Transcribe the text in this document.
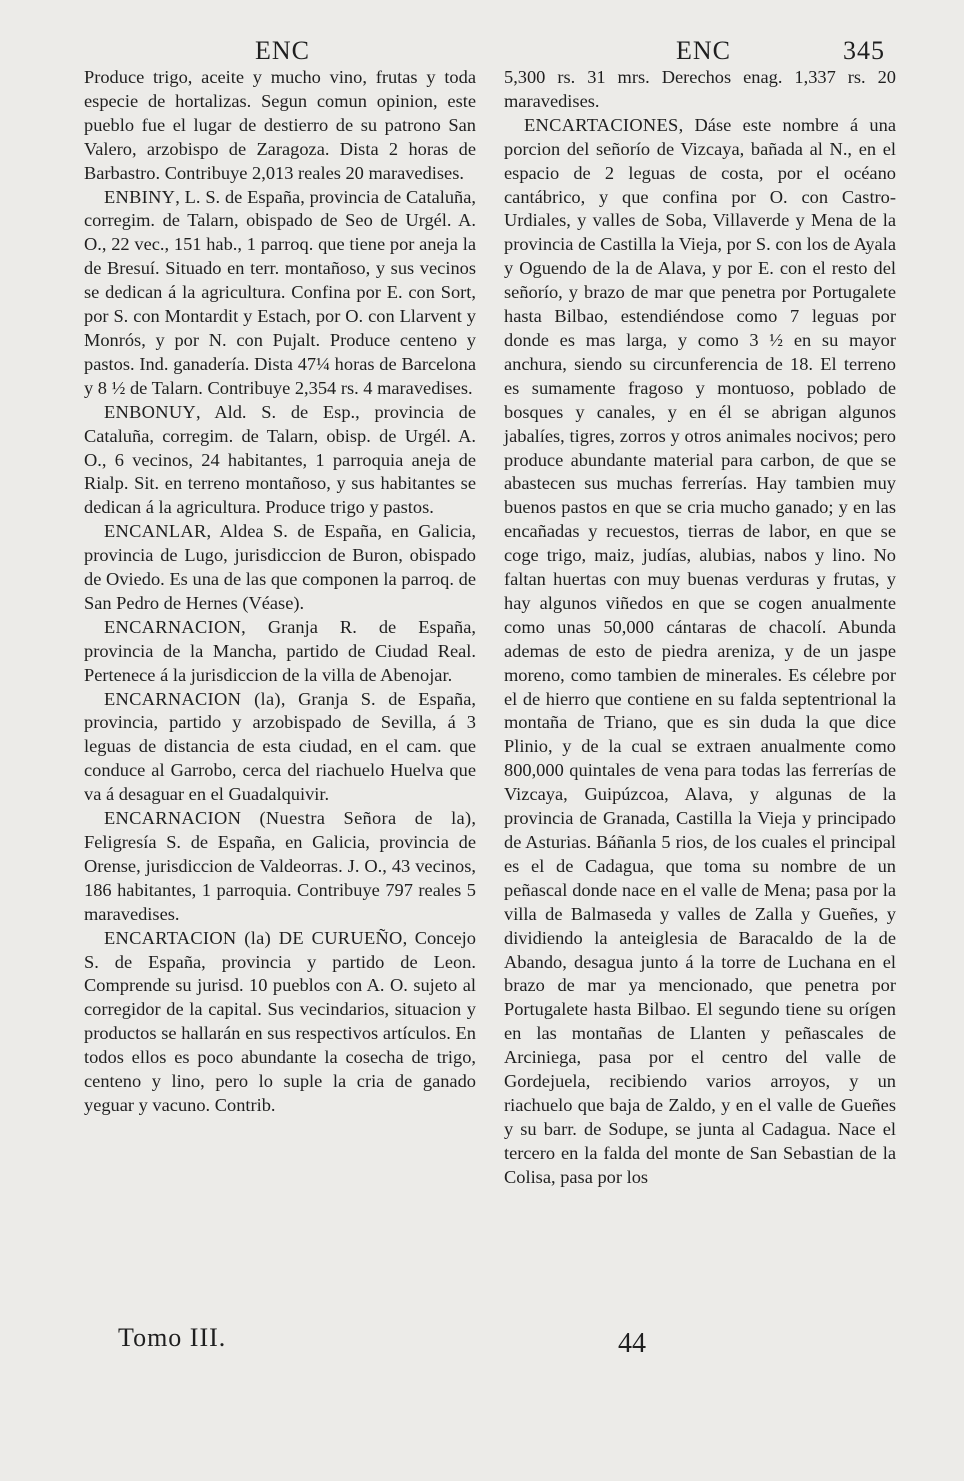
ENC	ENC	345

Produce trigo, aceite y mucho vino, frutas y toda especie de hortalizas. Segun comun opinion, este pueblo fue el lugar de destierro de su patrono San Valero, arzobispo de Zaragoza. Dista 2 horas de Barbastro. Contribuye 2,013 reales 20 maravedises.

ENBINY, L. S. de España, provincia de Cataluña, corregim. de Talarn, obispado de Seo de Urgél. A. O., 22 vec., 151 hab., 1 parroq. que tiene por aneja la de Bresuí. Situado en terr. montañoso, y sus vecinos se dedican á la agricultura. Confina por E. con Sort, por S. con Montardit y Estach, por O. con Llarvent y Monrós, y por N. con Pujalt. Produce centeno y pastos. Ind. ganadería. Dista 47¼ horas de Barcelona y 8 ½ de Talarn. Contribuye 2,354 rs. 4 maravedises.

ENBONUY, Ald. S. de Esp., provincia de Cataluña, corregim. de Talarn, obisp. de Urgél. A. O., 6 vecinos, 24 habitantes, 1 parroquia aneja de Rialp. Sit. en terreno montañoso, y sus habitantes se dedican á la agricultura. Produce trigo y pastos.

ENCANLAR, Aldea S. de España, en Galicia, provincia de Lugo, jurisdiccion de Buron, obispado de Oviedo. Es una de las que componen la parroq. de San Pedro de Hernes (Véase).

ENCARNACION, Granja R. de España, provincia de la Mancha, partido de Ciudad Real. Pertenece á la jurisdiccion de la villa de Abenojar.

ENCARNACION (la), Granja S. de España, provincia, partido y arzobispado de Sevilla, á 3 leguas de distancia de esta ciudad, en el cam. que conduce al Garrobo, cerca del riachuelo Huelva que va á desaguar en el Guadalquivir.

ENCARNACION (Nuestra Señora de la), Feligresía S. de España, en Galicia, provincia de Orense, jurisdiccion de Valdeorras. J. O., 43 vecinos, 186 habitantes, 1 parroquia. Contribuye 797 reales 5 maravedises.

ENCARTACION (la) DE CURUEÑO, Concejo S. de España, provincia y partido de Leon. Comprende su jurisd. 10 pueblos con A. O. sujeto al corregidor de la capital. Sus vecindarios, situacion y productos se hallarán en sus respectivos artículos. En todos ellos es poco abundante la cosecha de trigo, centeno y lino, pero lo suple la cria de ganado yeguar y vacuno. Contrib.

5,300 rs. 31 mrs. Derechos enag. 1,337 rs. 20 maravedises.

ENCARTACIONES, Dáse este nombre á una porcion del señorío de Vizcaya, bañada al N., en el espacio de 2 leguas de costa, por el océano cantábrico, y que confina por O. con Castro-Urdiales, y valles de Soba, Villaverde y Mena de la provincia de Castilla la Vieja, por S. con los de Ayala y Oguendo de la de Alava, y por E. con el resto del señorío, y brazo de mar que penetra por Portugalete hasta Bilbao, estendiéndose como 7 leguas por donde es mas larga, y como 3 ½ en su mayor anchura, siendo su circunferencia de 18. El terreno es sumamente fragoso y montuoso, poblado de bosques y canales, y en él se abrigan algunos jabalíes, tigres, zorros y otros animales nocivos; pero produce abundante material para carbon, de que se abastecen sus muchas ferrerías. Hay tambien muy buenos pastos en que se cria mucho ganado; y en las encañadas y recuestos, tierras de labor, en que se coge trigo, maiz, judías, alubias, nabos y lino. No faltan huertas con muy buenas verduras y frutas, y hay algunos viñedos en que se cogen anualmente como unas 50,000 cántaras de chacolí. Abunda ademas de esto de piedra areniza, y de un jaspe moreno, como tambien de minerales. Es célebre por el de hierro que contiene en su falda septentrional la montaña de Triano, que es sin duda la que dice Plinio, y de la cual se extraen anualmente como 800,000 quintales de vena para todas las ferrerías de Vizcaya, Guipúzcoa, Alava, y algunas de la provincia de Granada, Castilla la Vieja y principado de Asturias. Báñanla 5 rios, de los cuales el principal es el de Cadagua, que toma su nombre de un peñascal donde nace en el valle de Mena; pasa por la villa de Balmaseda y valles de Zalla y Gueñes, y dividiendo la anteiglesia de Baracaldo de la de Abando, desagua junto á la torre de Luchana en el brazo de mar ya mencionado, que penetra por Portugalete hasta Bilbao. El segundo tiene su orígen en las montañas de Llanten y peñascales de Arciniega, pasa por el centro del valle de Gordejuela, recibiendo varios arroyos, y un riachuelo que baja de Zaldo, y en el valle de Gueñes y su barr. de Sodupe, se junta al Cadagua. Nace el tercero en la falda del monte de San Sebastian de la Colisa, pasa por los

Tomo III.	44
